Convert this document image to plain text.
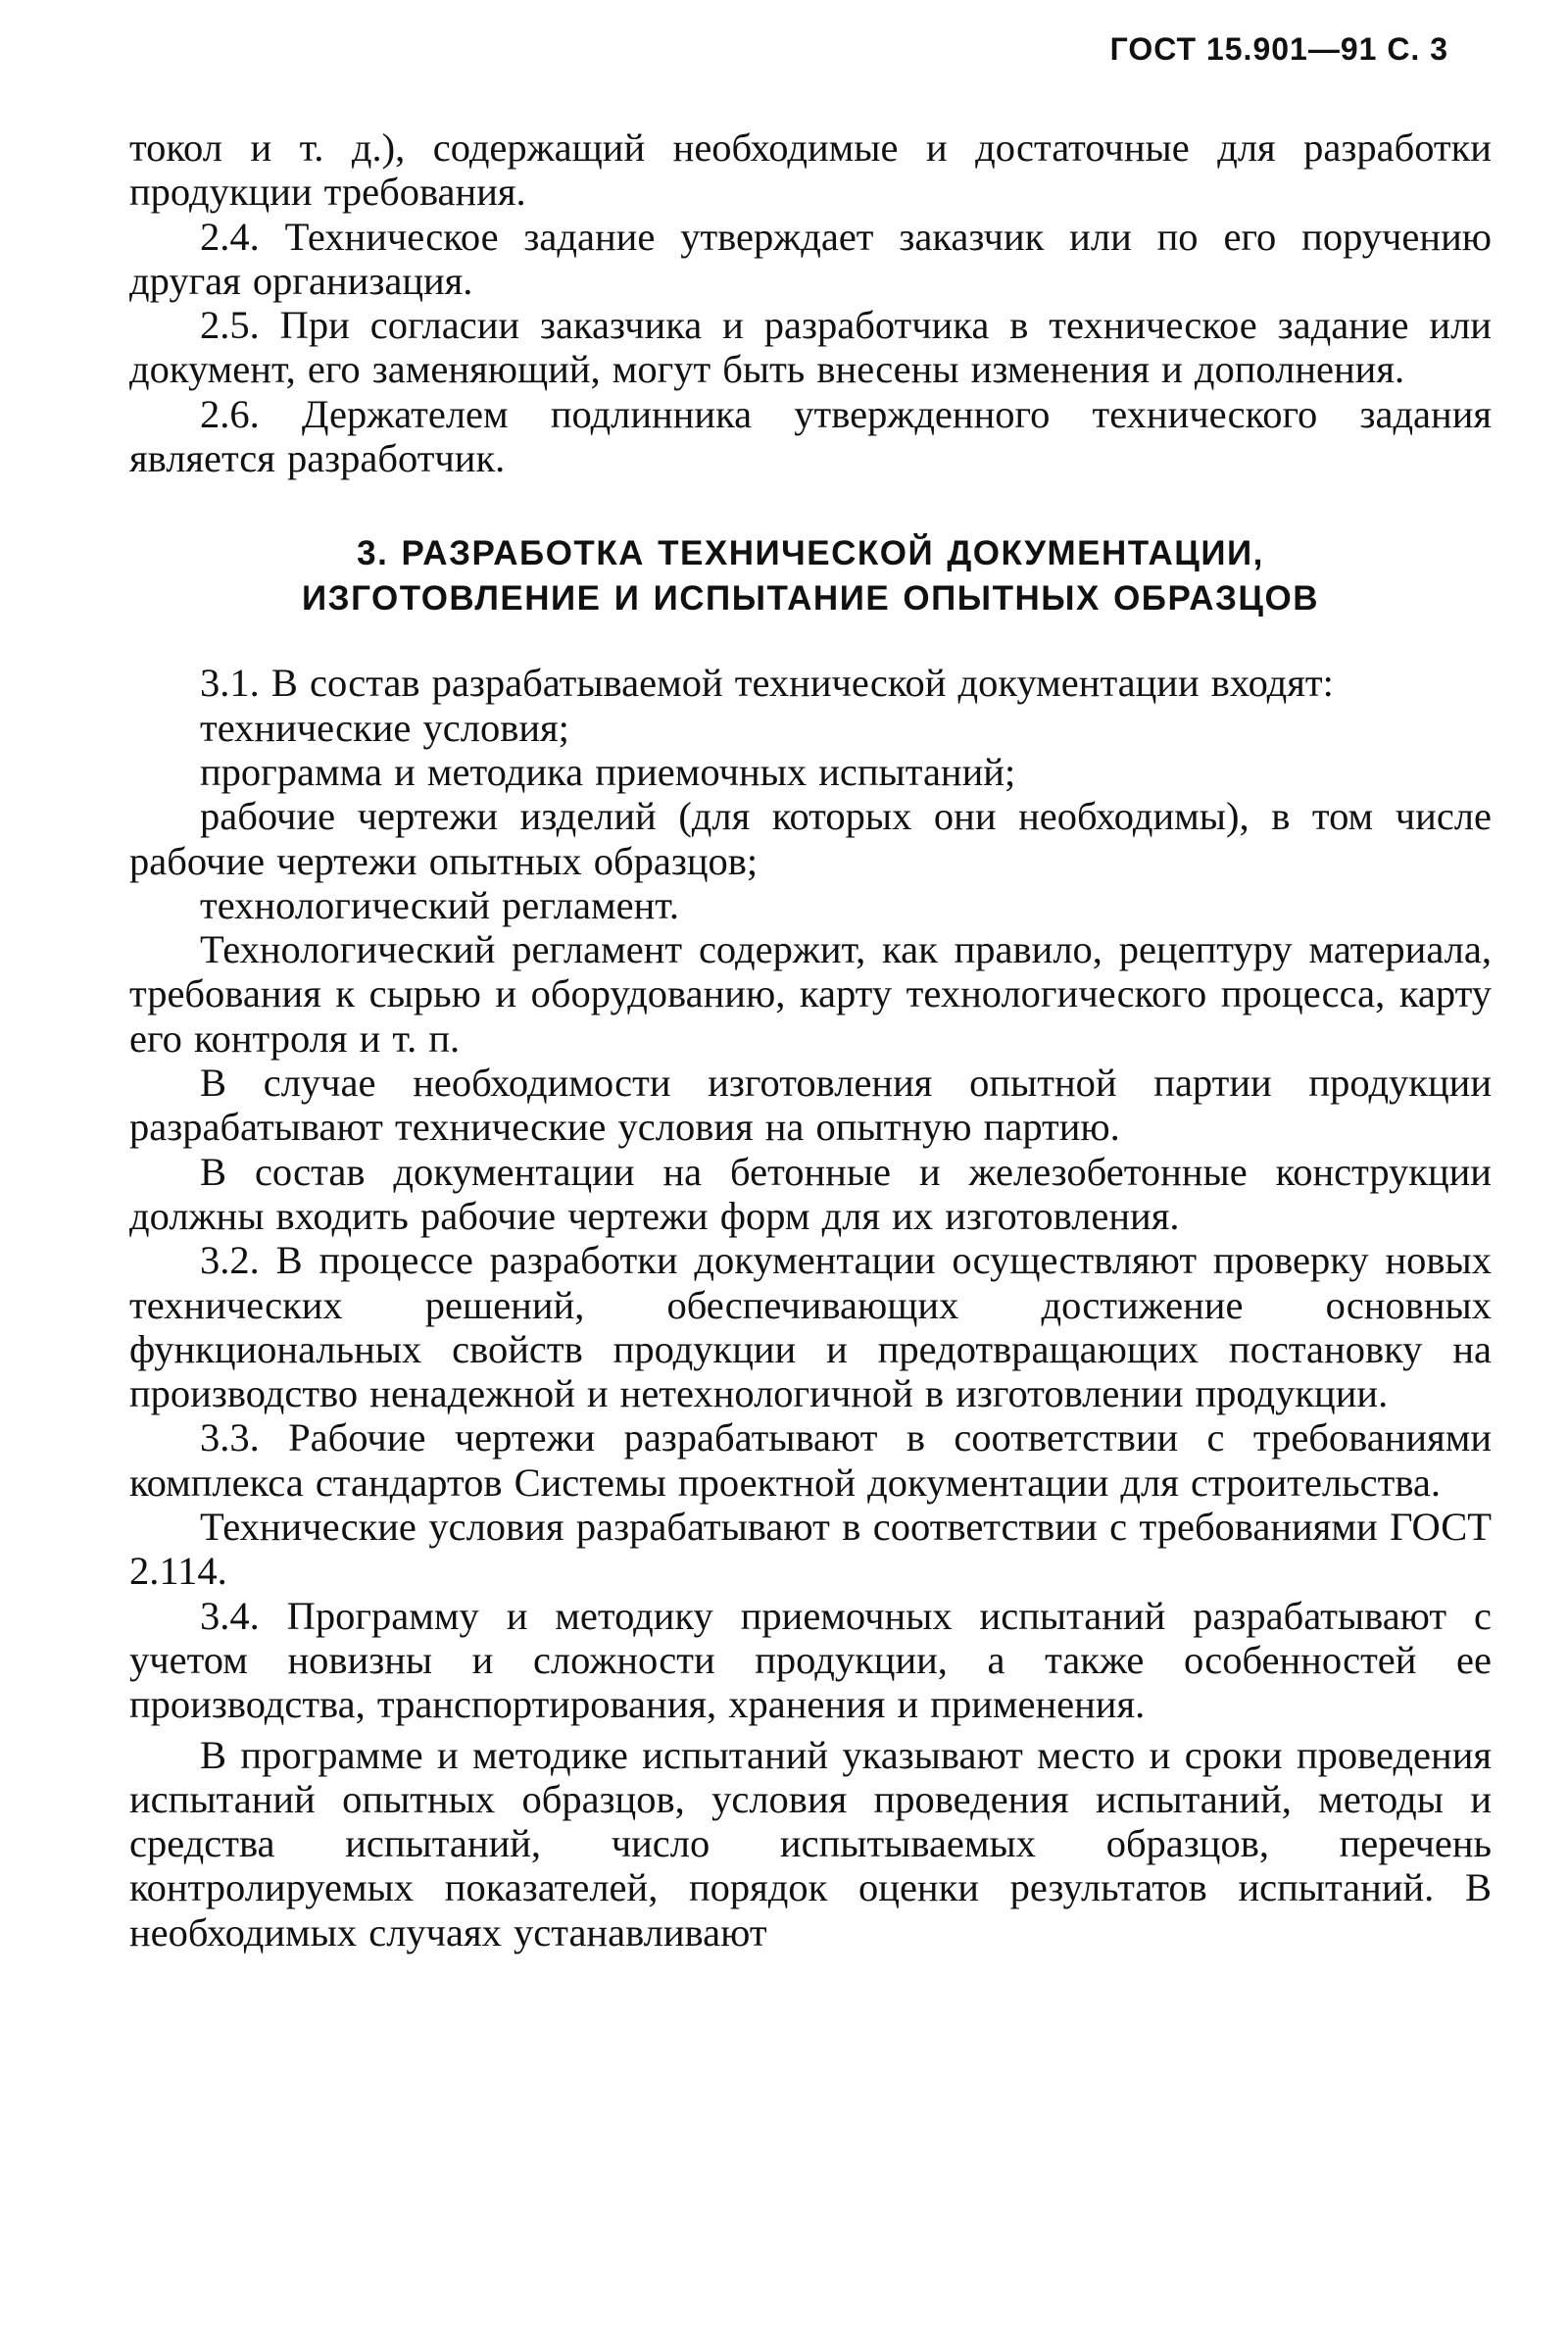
ГОСТ 15.901—91 С. 3

токол и т. д.), содержащий необходимые и достаточные для разработки продукции требования.

2.4. Техническое задание утверждает заказчик или по его поручению другая организация.

2.5. При согласии заказчика и разработчика в техническое задание или документ, его заменяющий, могут быть внесены изменения и дополнения.

2.6. Держателем подлинника утвержденного технического задания является разработчик.

3. РАЗРАБОТКА ТЕХНИЧЕСКОЙ ДОКУМЕНТАЦИИ,
ИЗГОТОВЛЕНИЕ И ИСПЫТАНИЕ ОПЫТНЫХ ОБРАЗЦОВ

3.1. В состав разрабатываемой технической документации входят:

технические условия;

программа и методика приемочных испытаний;

рабочие чертежи изделий (для которых они необходимы), в том числе рабочие чертежи опытных образцов;

технологический регламент.

Технологический регламент содержит, как правило, рецептуру материала, требования к сырью и оборудованию, карту технологического процесса, карту его контроля и т. п.

В случае необходимости изготовления опытной партии продукции разрабатывают технические условия на опытную партию.

В состав документации на бетонные и железобетонные конструкции должны входить рабочие чертежи форм для их изготовления.

3.2. В процессе разработки документации осуществляют проверку новых технических решений, обеспечивающих достижение основных функциональных свойств продукции и предотвращающих постановку на производство ненадежной и нетехнологичной в изготовлении продукции.

3.3. Рабочие чертежи разрабатывают в соответствии с требованиями комплекса стандартов Системы проектной документации для строительства.

Технические условия разрабатывают в соответствии с требованиями ГОСТ 2.114.

3.4. Программу и методику приемочных испытаний разрабатывают с учетом новизны и сложности продукции, а также особенностей ее производства, транспортирования, хранения и применения.

В программе и методике испытаний указывают место и сроки проведения испытаний опытных образцов, условия проведения испытаний, методы и средства испытаний, число испытываемых образцов, перечень контролируемых показателей, порядок оценки результатов испытаний. В необходимых случаях устанавливают
